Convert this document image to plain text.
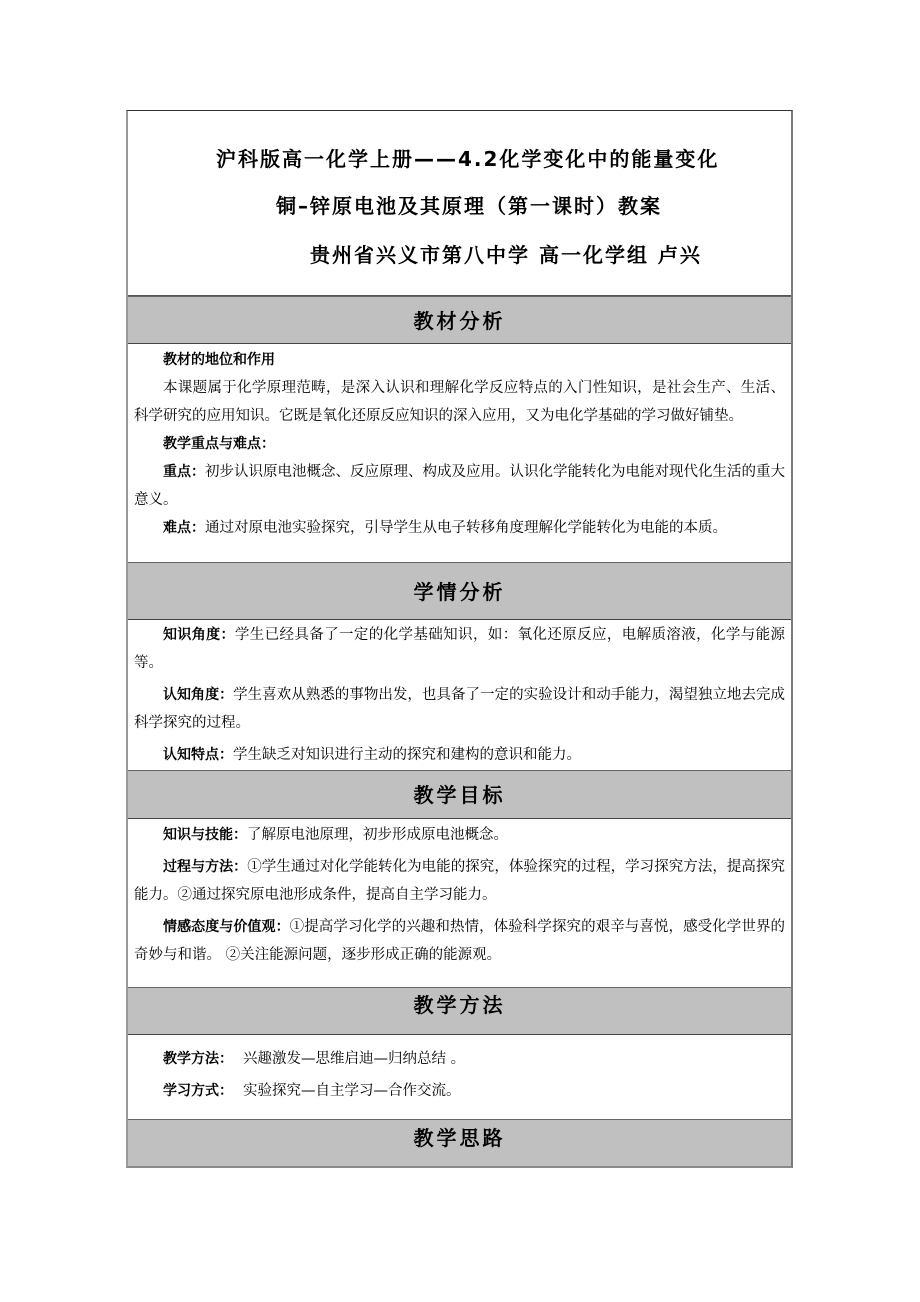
沪科版高一化学上册——4.2化学变化中的能量变化
铜–锌原电池及其原理（第一课时）教案
贵州省兴义市第八中学 高一化学组 卢兴
教材分析

教材的地位和作用

本课题属于化学原理范畴，是深入认识和理解化学反应特点的入门性知识，是社会生产、生活、科学研究的应用知识。它既是氧化还原反应知识的深入应用，又为电化学基础的学习做好铺垫。

教学重点与难点：

重点：初步认识原电池概念、反应原理、构成及应用。认识化学能转化为电能对现代化生活的重大意义。

难点：通过对原电池实验探究，引导学生从电子转移角度理解化学能转化为电能的本质。

学情分析

知识角度：学生已经具备了一定的化学基础知识，如：氧化还原反应，电解质溶液，化学与能源等。

认知角度：学生喜欢从熟悉的事物出发，也具备了一定的实验设计和动手能力，渴望独立地去完成科学探究的过程。

认知特点：学生缺乏对知识进行主动的探究和建构的意识和能力。

教学目标

知识与技能：了解原电池原理，初步形成原电池概念。

过程与方法：①学生通过对化学能转化为电能的探究，体验探究的过程，学习探究方法，提高探究能力。②通过探究原电池形成条件，提高自主学习能力。

情感态度与价值观：①提高学习化学的兴趣和热情，体验科学探究的艰辛与喜悦，感受化学世界的奇妙与和谐。 ②关注能源问题，逐步形成正确的能源观。

教学方法

教学方法： 兴趣激发—思维启迪—归纳总结 。

学习方式： 实验探究—自主学习—合作交流。

教学思路
